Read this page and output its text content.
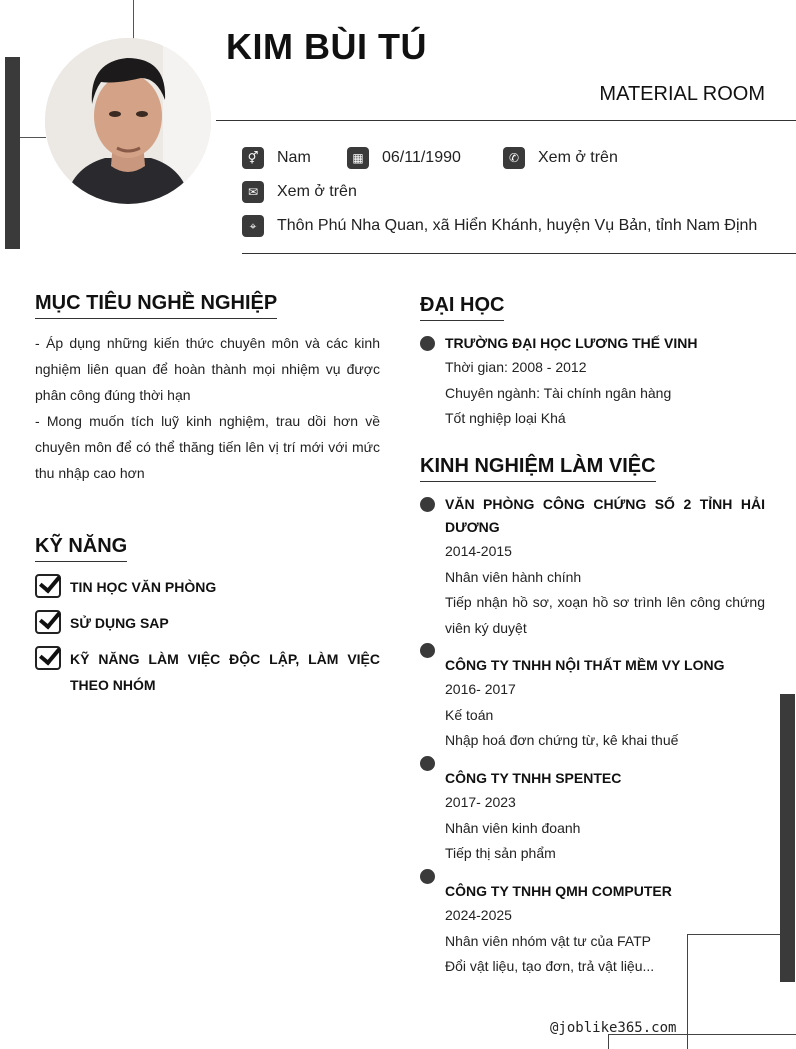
KIM BÙI TÚ
MATERIAL ROOM
⚥	Nam	▦	06/11/1990	✆	Xem ở trên
✉	Xem ở trên
⌖	Thôn Phú Nha Quan, xã Hiển Khánh, huyện Vụ Bản, tỉnh Nam Định
MỤC TIÊU NGHỀ NGHIỆP

- Áp dụng những kiến thức chuyên môn và các kinh nghiệm liên quan để hoàn thành mọi nhiệm vụ được phân công đúng thời hạn

- Mong muốn tích luỹ kinh nghiệm, trau dồi hơn về chuyên môn để có thể thăng tiến lên vị trí mới với mức thu nhập cao hơn

KỸ NĂNG
TIN HỌC VĂN PHÒNG
SỬ DỤNG SAP
KỸ NĂNG LÀM VIỆC ĐỘC LẬP, LÀM VIỆC THEO NHÓM
ĐẠI HỌC
TRƯỜNG ĐẠI HỌC LƯƠNG THẾ VINH
Thời gian: 2008 - 2012
Chuyên ngành: Tài chính ngân hàng
Tốt nghiệp loại Khá
KINH NGHIỆM LÀM VIỆC
VĂN PHÒNG CÔNG CHỨNG SỐ 2 TỈNH HẢI DƯƠNG
2014-2015
Nhân viên hành chính
Tiếp nhận hồ sơ, xoạn hồ sơ trình lên công chứng viên ký duyệt
CÔNG TY TNHH NỘI THẤT MỀM VY LONG
2016- 2017
Kế toán
Nhập hoá đơn chứng từ, kê khai thuế
CÔNG TY TNHH SPENTEC
2017- 2023
Nhân viên kinh đoanh
Tiếp thị sản phẩm
CÔNG TY TNHH QMH COMPUTER
2024-2025
Nhân viên nhóm vật tư của FATP
Đổi vật liệu, tạo đơn, trả vật liệu...
@joblike365.com
